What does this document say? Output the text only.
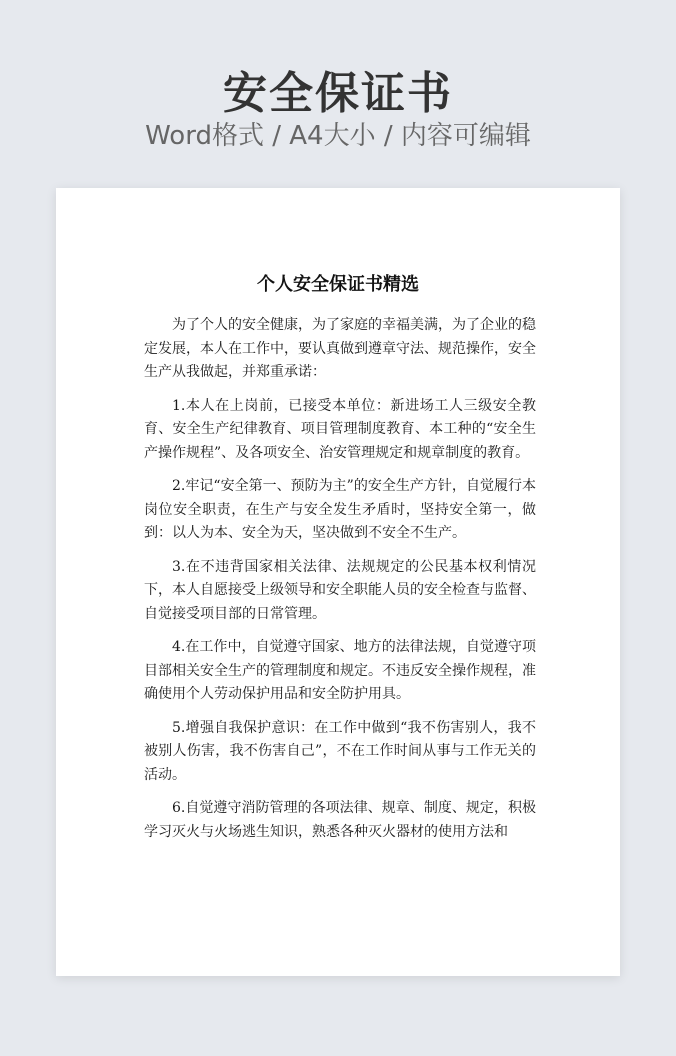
安全保证书
Word格式 / A4大小 / 内容可编辑
个人安全保证书精选

为了个人的安全健康，为了家庭的幸福美满，为了企业的稳定发展，本人在工作中，要认真做到遵章守法、规范操作，安全生产从我做起，并郑重承诺：

1.本人在上岗前，已接受本单位：新进场工人三级安全教育、安全生产纪律教育、项目管理制度教育、本工种的“安全生产操作规程”、及各项安全、治安管理规定和规章制度的教育。

2.牢记“安全第一、预防为主”的安全生产方针，自觉履行本岗位安全职责，在生产与安全发生矛盾时，坚持安全第一，做到：以人为本、安全为天，坚决做到不安全不生产。

3.在不违背国家相关法律、法规规定的公民基本权利情况下，本人自愿接受上级领导和安全职能人员的安全检查与监督、自觉接受项目部的日常管理。

4.在工作中，自觉遵守国家、地方的法律法规，自觉遵守项目部相关安全生产的管理制度和规定。不违反安全操作规程，准确使用个人劳动保护用品和安全防护用具。

5.增强自我保护意识：在工作中做到“我不伤害别人，我不被别人伤害，我不伤害自己”，不在工作时间从事与工作无关的活动。

6.自觉遵守消防管理的各项法律、规章、制度、规定，积极学习灭火与火场逃生知识，熟悉各种灭火器材的使用方法和
